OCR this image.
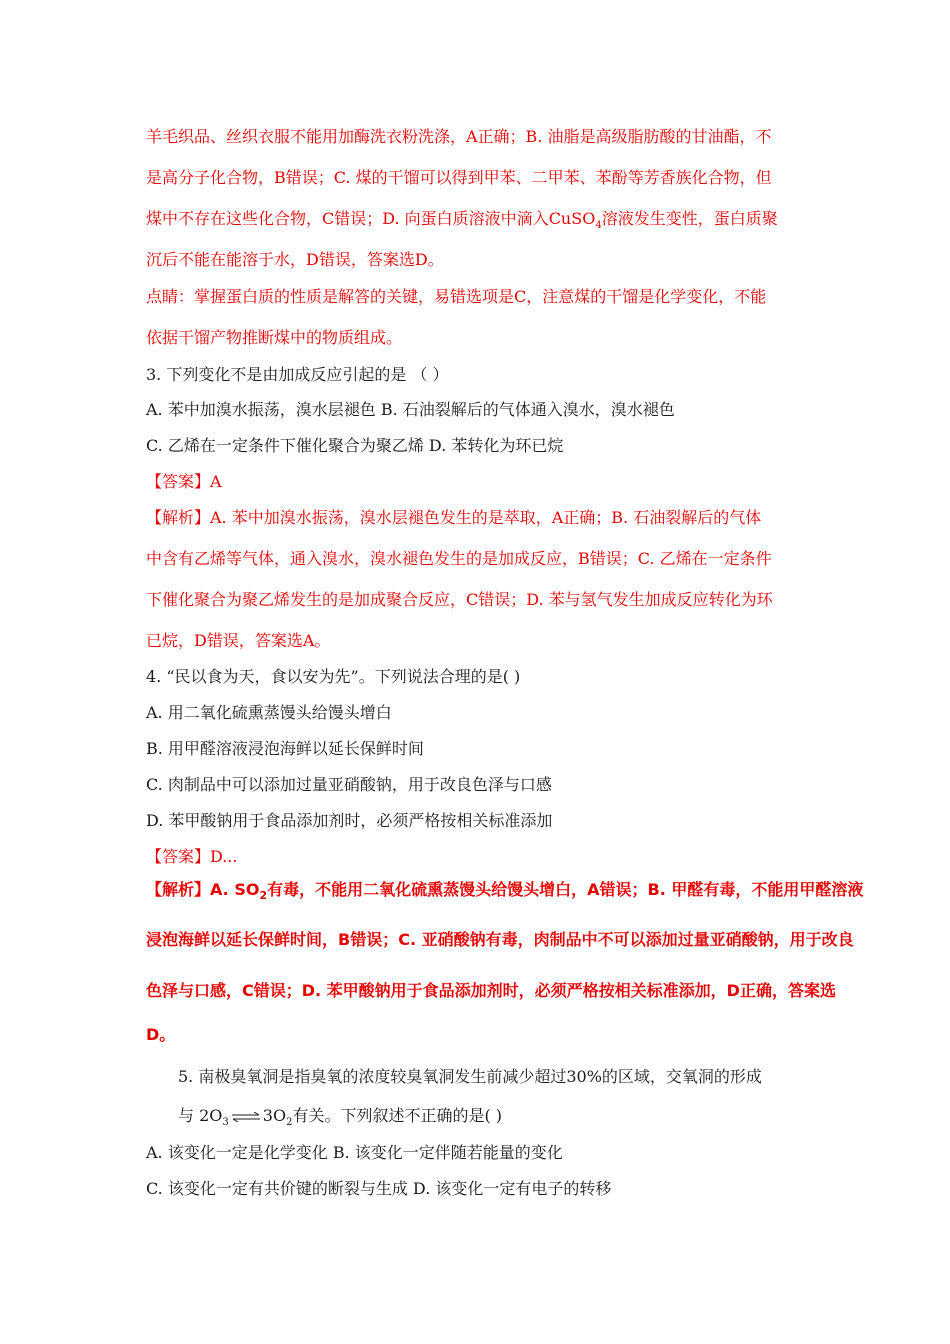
羊毛织品、丝织衣服不能用加酶洗衣粉洗涤，A正确；B. 油脂是高级脂肪酸的甘油酯，不
是高分子化合物，B错误；C. 煤的干馏可以得到甲苯、二甲苯、苯酚等芳香族化合物，但
煤中不存在这些化合物，C错误；D. 向蛋白质溶液中滴入CuSO$_4$溶液发生变性，蛋白质聚
沉后不能在能溶于水，D错误，答案选D。
点睛：掌握蛋白质的性质是解答的关键，易错选项是C，注意煤的干馏是化学变化，不能
依据干馏产物推断煤中的物质组成。
3. 下列变化不是由加成反应引起的是 （ ）
A. 苯中加溴水振荡，溴水层褪色 B. 石油裂解后的气体通入溴水，溴水褪色
C. 乙烯在一定条件下催化聚合为聚乙烯 D. 苯转化为环已烷
【答案】A
【解析】A. 苯中加溴水振荡，溴水层褪色发生的是萃取，A正确；B. 石油裂解后的气体
中含有乙烯等气体，通入溴水，溴水褪色发生的是加成反应，B错误；C. 乙烯在一定条件
下催化聚合为聚乙烯发生的是加成聚合反应，C错误；D. 苯与氢气发生加成反应转化为环
已烷，D错误，答案选A。
4. “民以食为天，食以安为先”。下列说法合理的是( )
A. 用二氧化硫熏蒸馒头给馒头增白
B. 用甲醛溶液浸泡海鲜以延长保鲜时间
C. 肉制品中可以添加过量亚硝酸钠，用于改良色泽与口感
D. 苯甲酸钠用于食品添加剂时，必须严格按相关标准添加
【答案】D...
【解析】A. $SO_2$有毒，不能用二氧化硫熏蒸馒头给馒头增白，A错误；B. 甲醛有毒，不能用甲醛溶液
浸泡海鲜以延长保鲜时间，B错误；C. 亚硝酸钠有毒，肉制品中不可以添加过量亚硝酸钠，用于改良
色泽与口感，C错误；D. 苯甲酸钠用于食品添加剂时，必须严格按相关标准添加，D正确，答案选
D。
5. 南极臭氧洞是指臭氧的浓度较臭氧洞发生前减少超过30%的区域，交氧洞的形成
与 $2O_3$ ⇌ $3O_2$有关。下列叙述不正确的是( )
A. 该变化一定是化学变化 B. 该变化一定伴随若能量的变化
C. 该变化一定有共价键的断裂与生成 D. 该变化一定有电子的转移
